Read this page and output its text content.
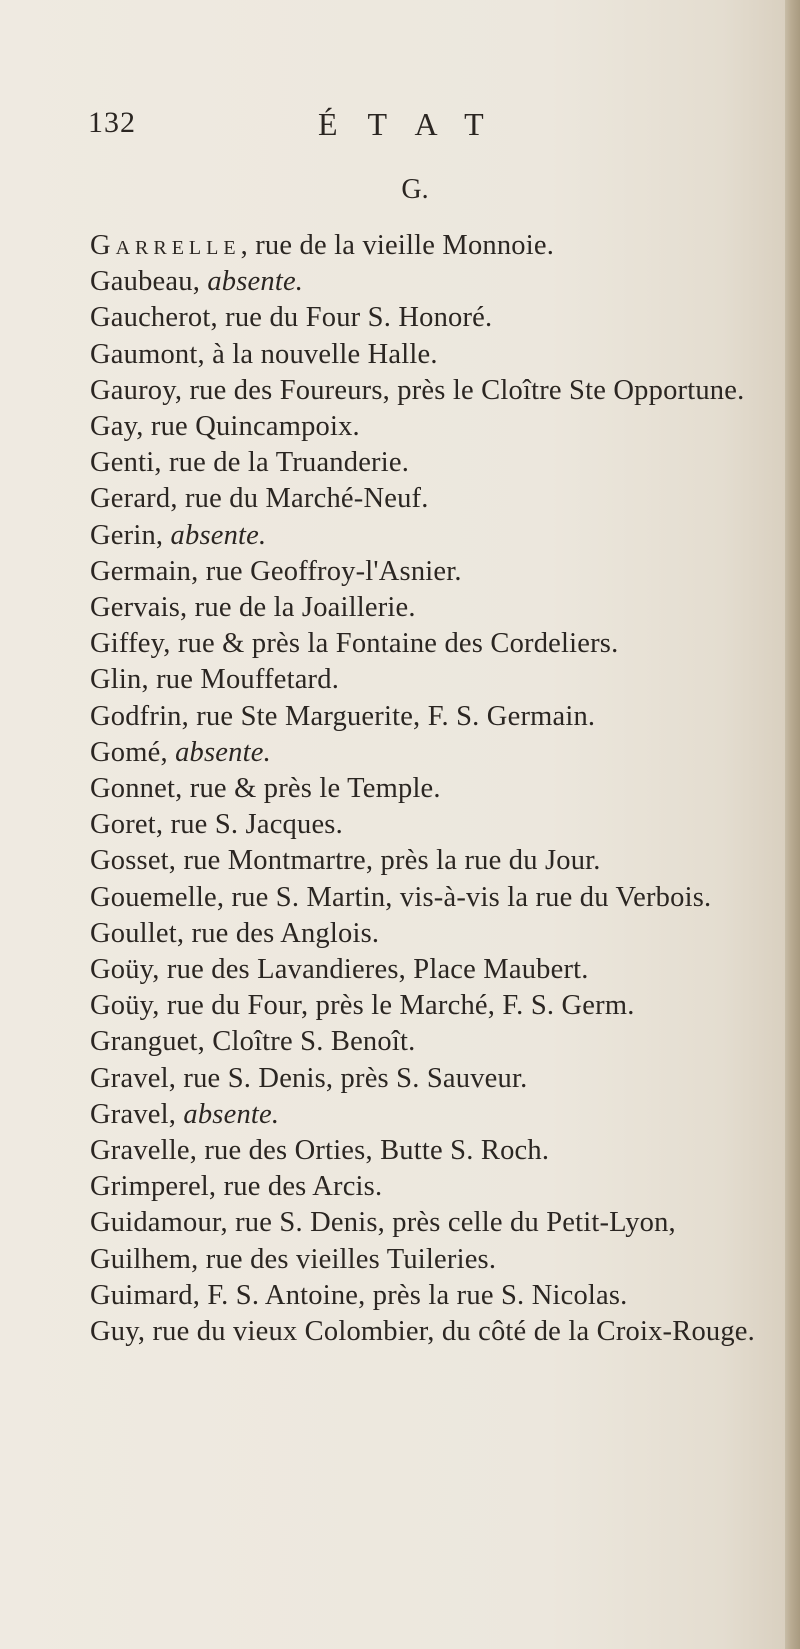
132	ÉTAT
G.

Garrelle, rue de la vieille Monnoie.

Gaubeau, absente.

Gaucherot, rue du Four S. Honoré.

Gaumont, à la nouvelle Halle.

Gauroy, rue des Foureurs, près le Cloître Ste Opportune.

Gay, rue Quincampoix.

Genti, rue de la Truanderie.

Gerard, rue du Marché-Neuf.

Gerin, absente.

Germain, rue Geoffroy-l'Asnier.

Gervais, rue de la Joaillerie.

Giffey, rue & près la Fontaine des Cordeliers.

Glin, rue Mouffetard.

Godfrin, rue Ste Marguerite, F. S. Germain.

Gomé, absente.

Gonnet, rue & près le Temple.

Goret, rue S. Jacques.

Gosset, rue Montmartre, près la rue du Jour.

Gouemelle, rue S. Martin, vis-à-vis la rue du Verbois.

Goullet, rue des Anglois.

Goüy, rue des Lavandieres, Place Maubert.

Goüy, rue du Four, près le Marché, F. S. Germ.

Granguet, Cloître S. Benoît.

Gravel, rue S. Denis, près S. Sauveur.

Gravel, absente.

Gravelle, rue des Orties, Butte S. Roch.

Grimperel, rue des Arcis.

Guidamour, rue S. Denis, près celle du Petit-Lyon,

Guilhem, rue des vieilles Tuileries.

Guimard, F. S. Antoine, près la rue S. Nicolas.

Guy, rue du vieux Colombier, du côté de la Croix-Rouge.
